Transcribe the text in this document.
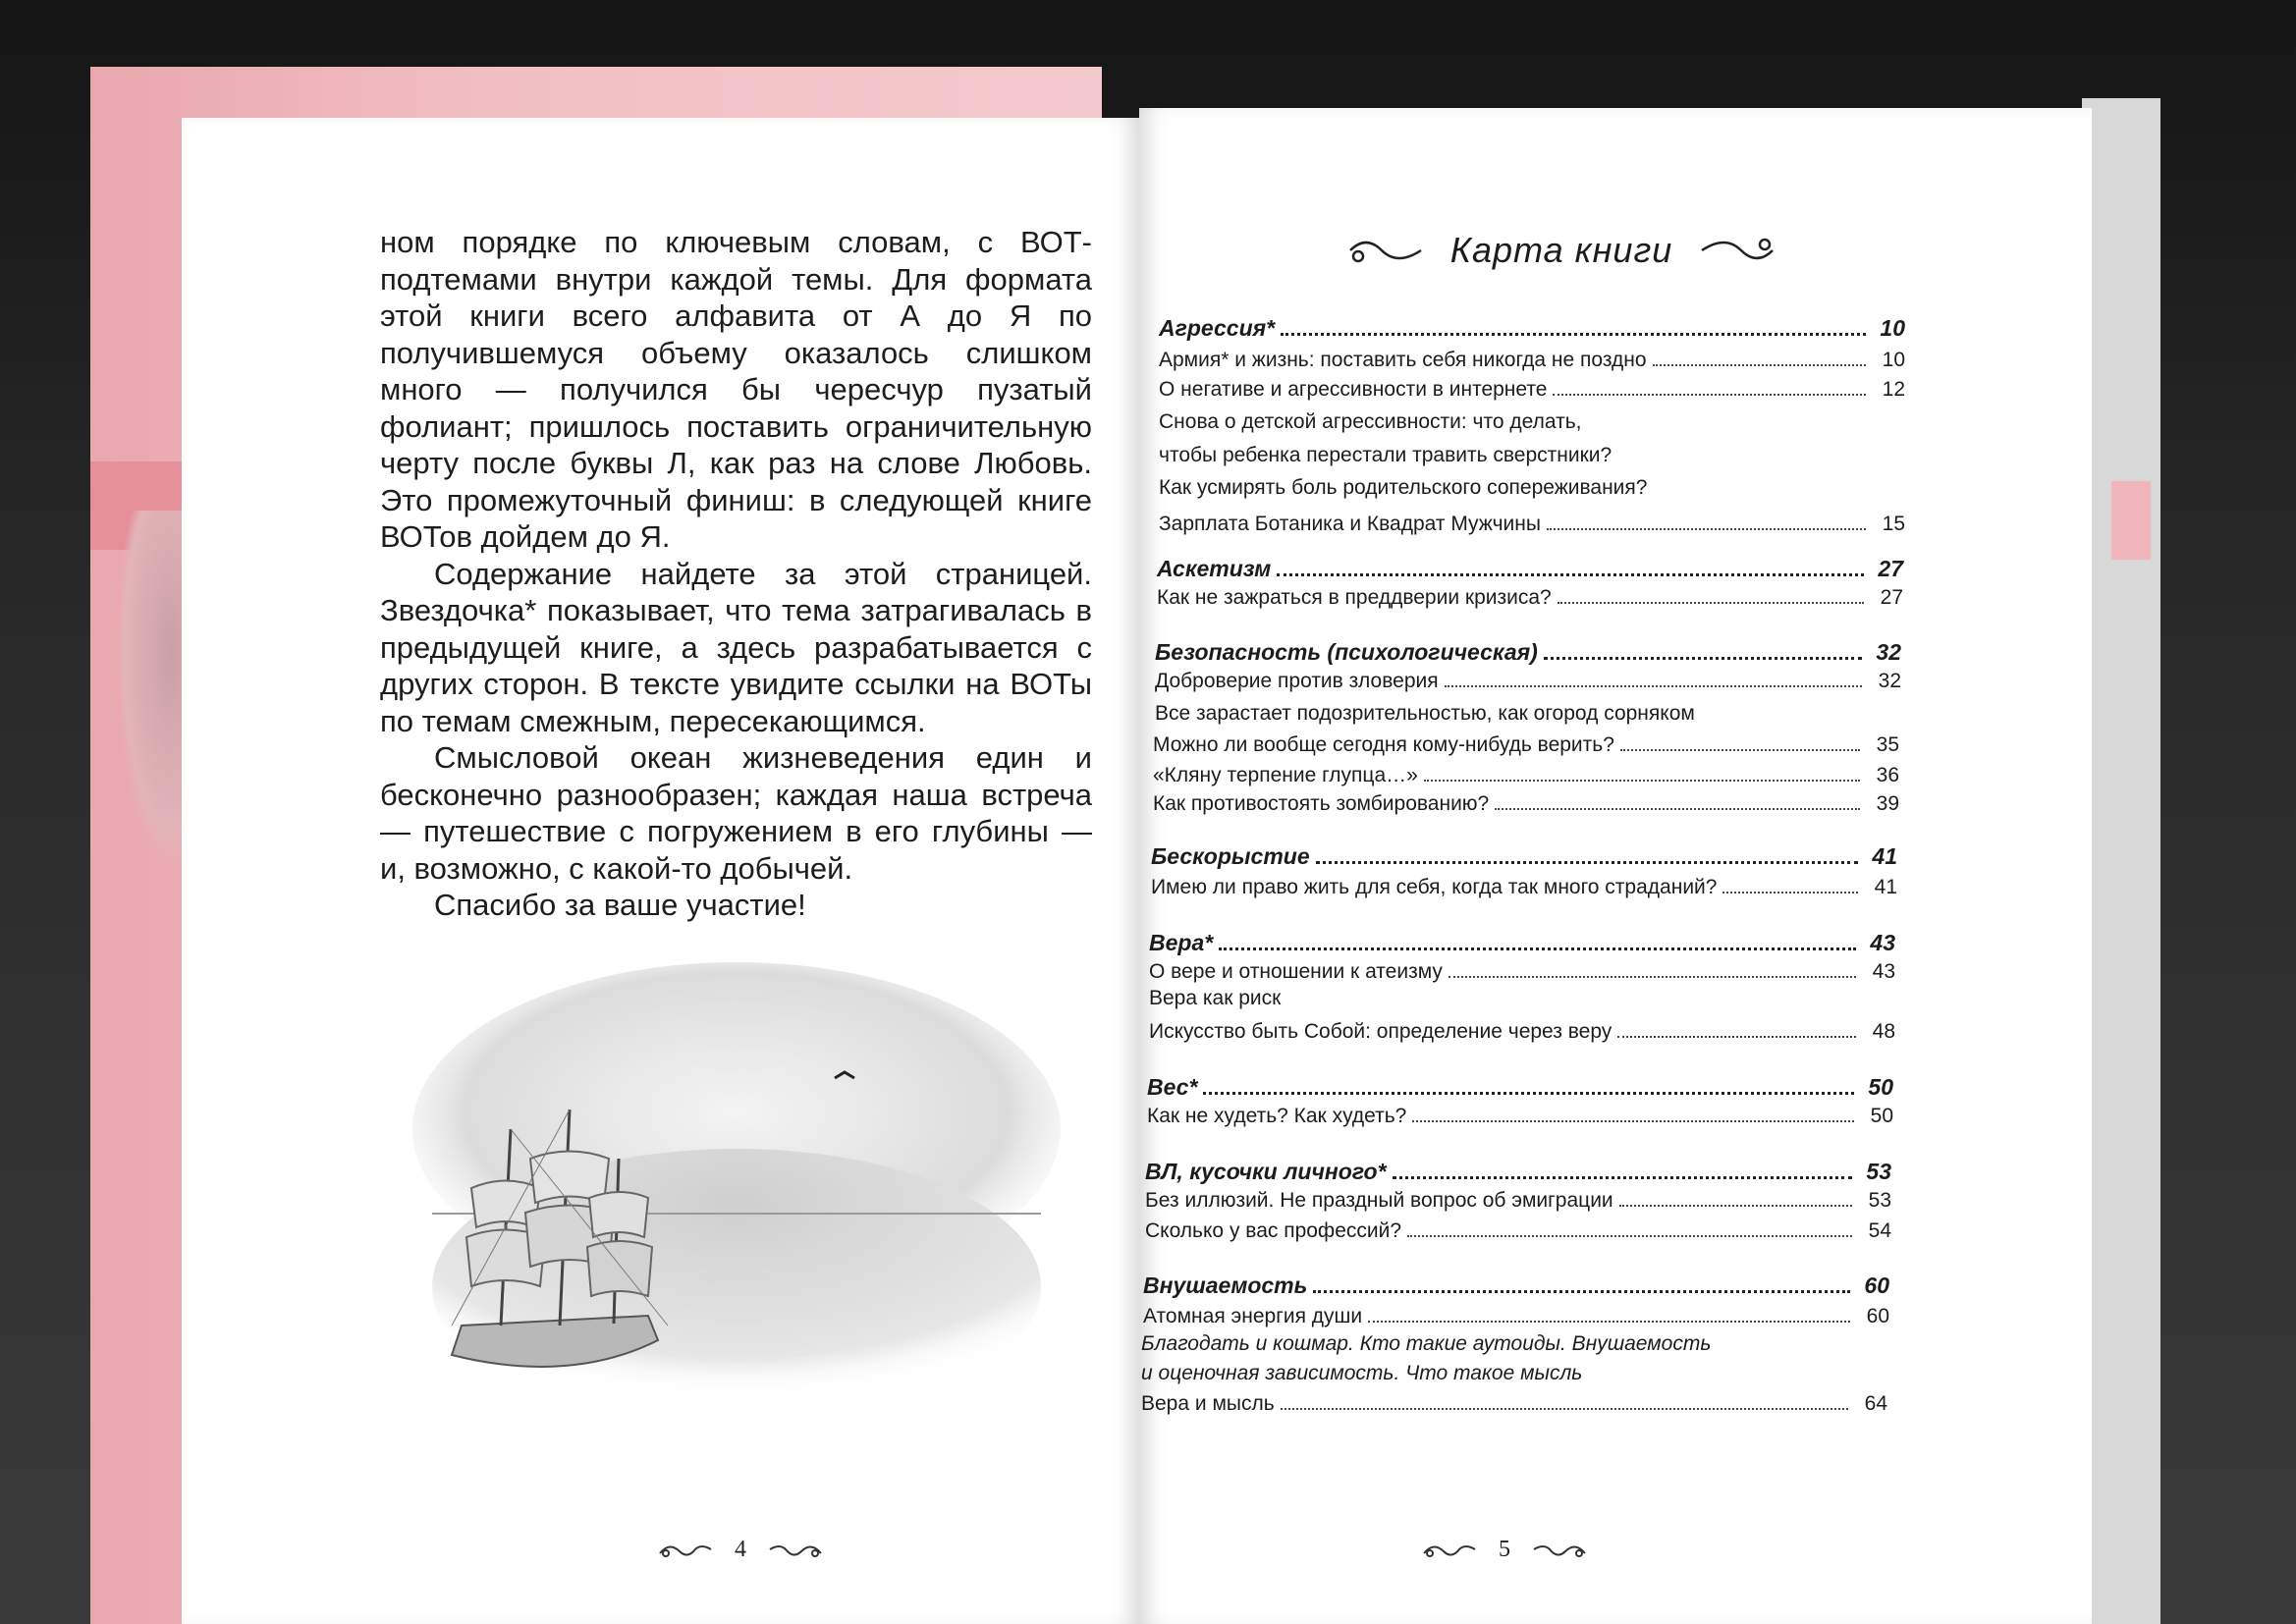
ном порядке по ключевым словам, с ВОТ-подтемами внутри каждой темы. Для формата этой книги всего алфавита от А до Я по получившемуся объему оказалось слишком много — получился бы чересчур пузатый фолиант; пришлось поставить ограничительную черту после буквы Л, как раз на слове Любовь. Это промежуточный финиш: в следующей книге ВОТов дойдем до Я.

Содержание найдете за этой страницей. Звездочка* показывает, что тема затрагивалась в предыдущей книге, а здесь разрабатывается с других сторон. В тексте увидите ссылки на ВОТы по темам смежным, пересекающимся.

Смысловой океан жизневедения един и бесконечно разнообразен; каждая наша встреча — путешествие с погружением в его глубины — и, возможно, с какой-то добычей.

Спасибо за ваше участие!

4
Карта книги
Агрессия*	10
Армия* и жизнь: поставить себя никогда не поздно	10
О негативе и агрессивности в интернете	12
Снова о детской агрессивности: что делать,
чтобы ребенка перестали травить сверстники?
Как усмирять боль родительского сопереживания?
Зарплата Ботаника и Квадрат Мужчины	15
Аскетизм	27
Как не зажраться в преддверии кризиса?	27
Безопасность (психологическая)	32
Доброверие против зловерия	32
Все зарастает подозрительностью, как огород сорняком
Можно ли вообще сегодня кому-нибудь верить?	35
«Кляну терпение глупца…»	36
Как противостоять зомбированию?	39
Бескорыстие	41
Имею ли право жить для себя, когда так много страданий?	41
Вера*	43
О вере и отношении к атеизму	43
Вера как риск
Искусство быть Собой: определение через веру	48
Вес*	50
Как не худеть? Как худеть?	50
ВЛ, кусочки личного*	53
Без иллюзий. Не праздный вопрос об эмиграции	53
Сколько у вас профессий?	54
Внушаемость	60
Атомная энергия души	60
Благодать и кошмар. Кто такие аутоиды. Внушаемость
и оценочная зависимость. Что такое мысль
Вера и мысль	64
5
